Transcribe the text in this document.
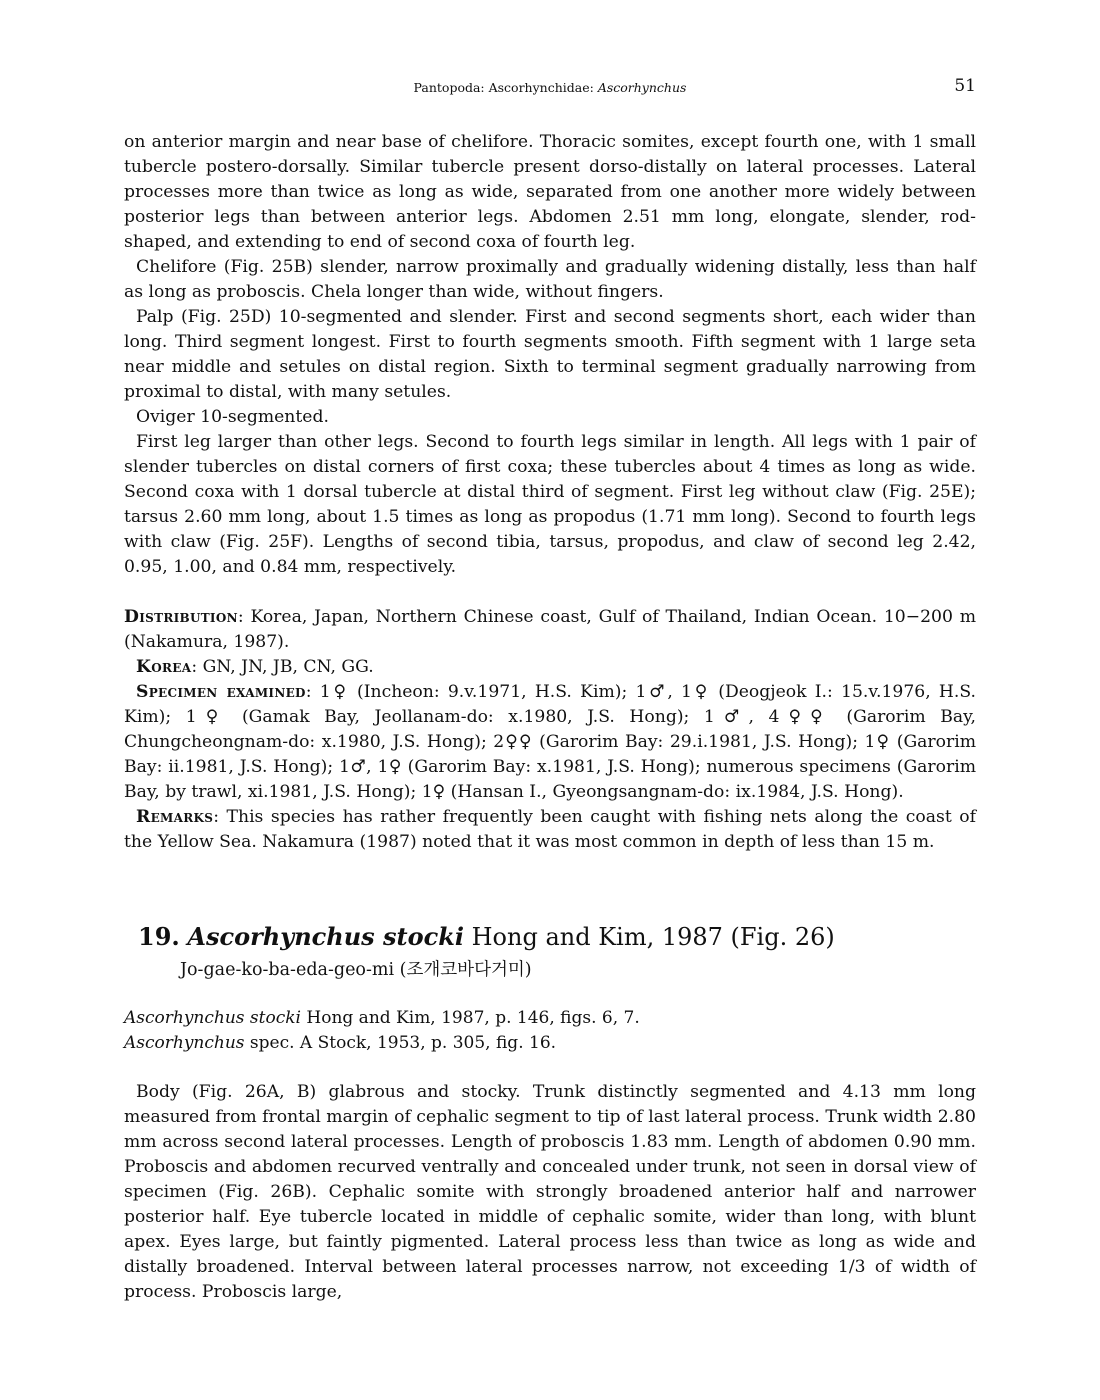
Pantopoda: Ascorhynchidae: Ascorhynchus	51

on anterior margin and near base of chelifore. Thoracic somites, except fourth one, with 1 small tubercle postero-dorsally. Similar tubercle present dorso-distally on lateral processes. Lateral processes more than twice as long as wide, separated from one another more widely between posterior legs than between anterior legs. Abdomen 2.51 mm long, elongate, slender, rod-shaped, and extending to end of second coxa of fourth leg.

Chelifore (Fig. 25B) slender, narrow proximally and gradually widening distally, less than half as long as proboscis. Chela longer than wide, without fingers.

Palp (Fig. 25D) 10-segmented and slender. First and second segments short, each wider than long. Third segment longest. First to fourth segments smooth. Fifth segment with 1 large seta near middle and setules on distal region. Sixth to terminal segment gradually narrowing from proximal to distal, with many setules.

Oviger 10-segmented.

First leg larger than other legs. Second to fourth legs similar in length. All legs with 1 pair of slender tubercles on distal corners of first coxa; these tubercles about 4 times as long as wide. Second coxa with 1 dorsal tubercle at distal third of segment. First leg without claw (Fig. 25E); tarsus 2.60 mm long, about 1.5 times as long as propodus (1.71 mm long). Second to fourth legs with claw (Fig. 25F). Lengths of second tibia, tarsus, propodus, and claw of second leg 2.42, 0.95, 1.00, and 0.84 mm, respectively.

Distribution: Korea, Japan, Northern Chinese coast, Gulf of Thailand, Indian Ocean. 10−200 m (Nakamura, 1987).

Korea: GN, JN, JB, CN, GG.

Specimen examined: 1♀ (Incheon: 9.v.1971, H.S. Kim); 1♂, 1♀ (Deogjeok I.: 15.v.1976, H.S. Kim); 1♀ (Gamak Bay, Jeollanam-do: x.1980, J.S. Hong); 1♂, 4♀♀ (Garorim Bay, Chungcheongnam-do: x.1980, J.S. Hong); 2♀♀ (Garorim Bay: 29.i.1981, J.S. Hong); 1♀ (Garorim Bay: ii.1981, J.S. Hong); 1♂, 1♀ (Garorim Bay: x.1981, J.S. Hong); numerous specimens (Garorim Bay, by trawl, xi.1981, J.S. Hong); 1♀ (Hansan I., Gyeongsangnam-do: ix.1984, J.S. Hong).

Remarks: This species has rather frequently been caught with fishing nets along the coast of the Yellow Sea. Nakamura (1987) noted that it was most common in depth of less than 15 m.

19. Ascorhynchus stocki Hong and Kim, 1987 (Fig. 26)
Jo-gae-ko-ba-eda-geo-mi (조개코바다거미)
Ascorhynchus stocki Hong and Kim, 1987, p. 146, figs. 6, 7.
Ascorhynchus spec. A Stock, 1953, p. 305, fig. 16.

Body (Fig. 26A, B) glabrous and stocky. Trunk distinctly segmented and 4.13 mm long measured from frontal margin of cephalic segment to tip of last lateral process. Trunk width 2.80 mm across second lateral processes. Length of proboscis 1.83 mm. Length of abdomen 0.90 mm. Proboscis and abdomen recurved ventrally and concealed under trunk, not seen in dorsal view of specimen (Fig. 26B). Cephalic somite with strongly broadened anterior half and narrower posterior half. Eye tubercle located in middle of cephalic somite, wider than long, with blunt apex. Eyes large, but faintly pigmented. Lateral process less than twice as long as wide and distally broadened. Interval between lateral processes narrow, not exceeding 1/3 of width of process. Proboscis large,
